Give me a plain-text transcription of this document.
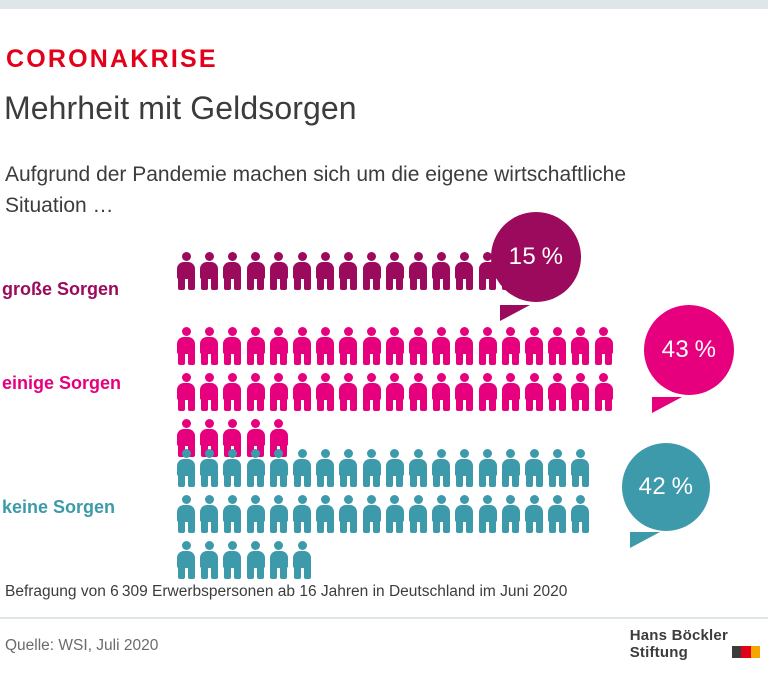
CORONAKRISE
Mehrheit mit Geldsorgen
Aufgrund der Pandemie machen sich um die eigene wirtschaftliche Situation …
große Sorgen
15 %
einige Sorgen
43 %
keine Sorgen
42 %
Befragung von 6 309 Erwerbspersonen ab 16 Jahren in Deutschland im Juni 2020
Quelle: WSI, Juli 2020
Hans Böckler
Stiftung
